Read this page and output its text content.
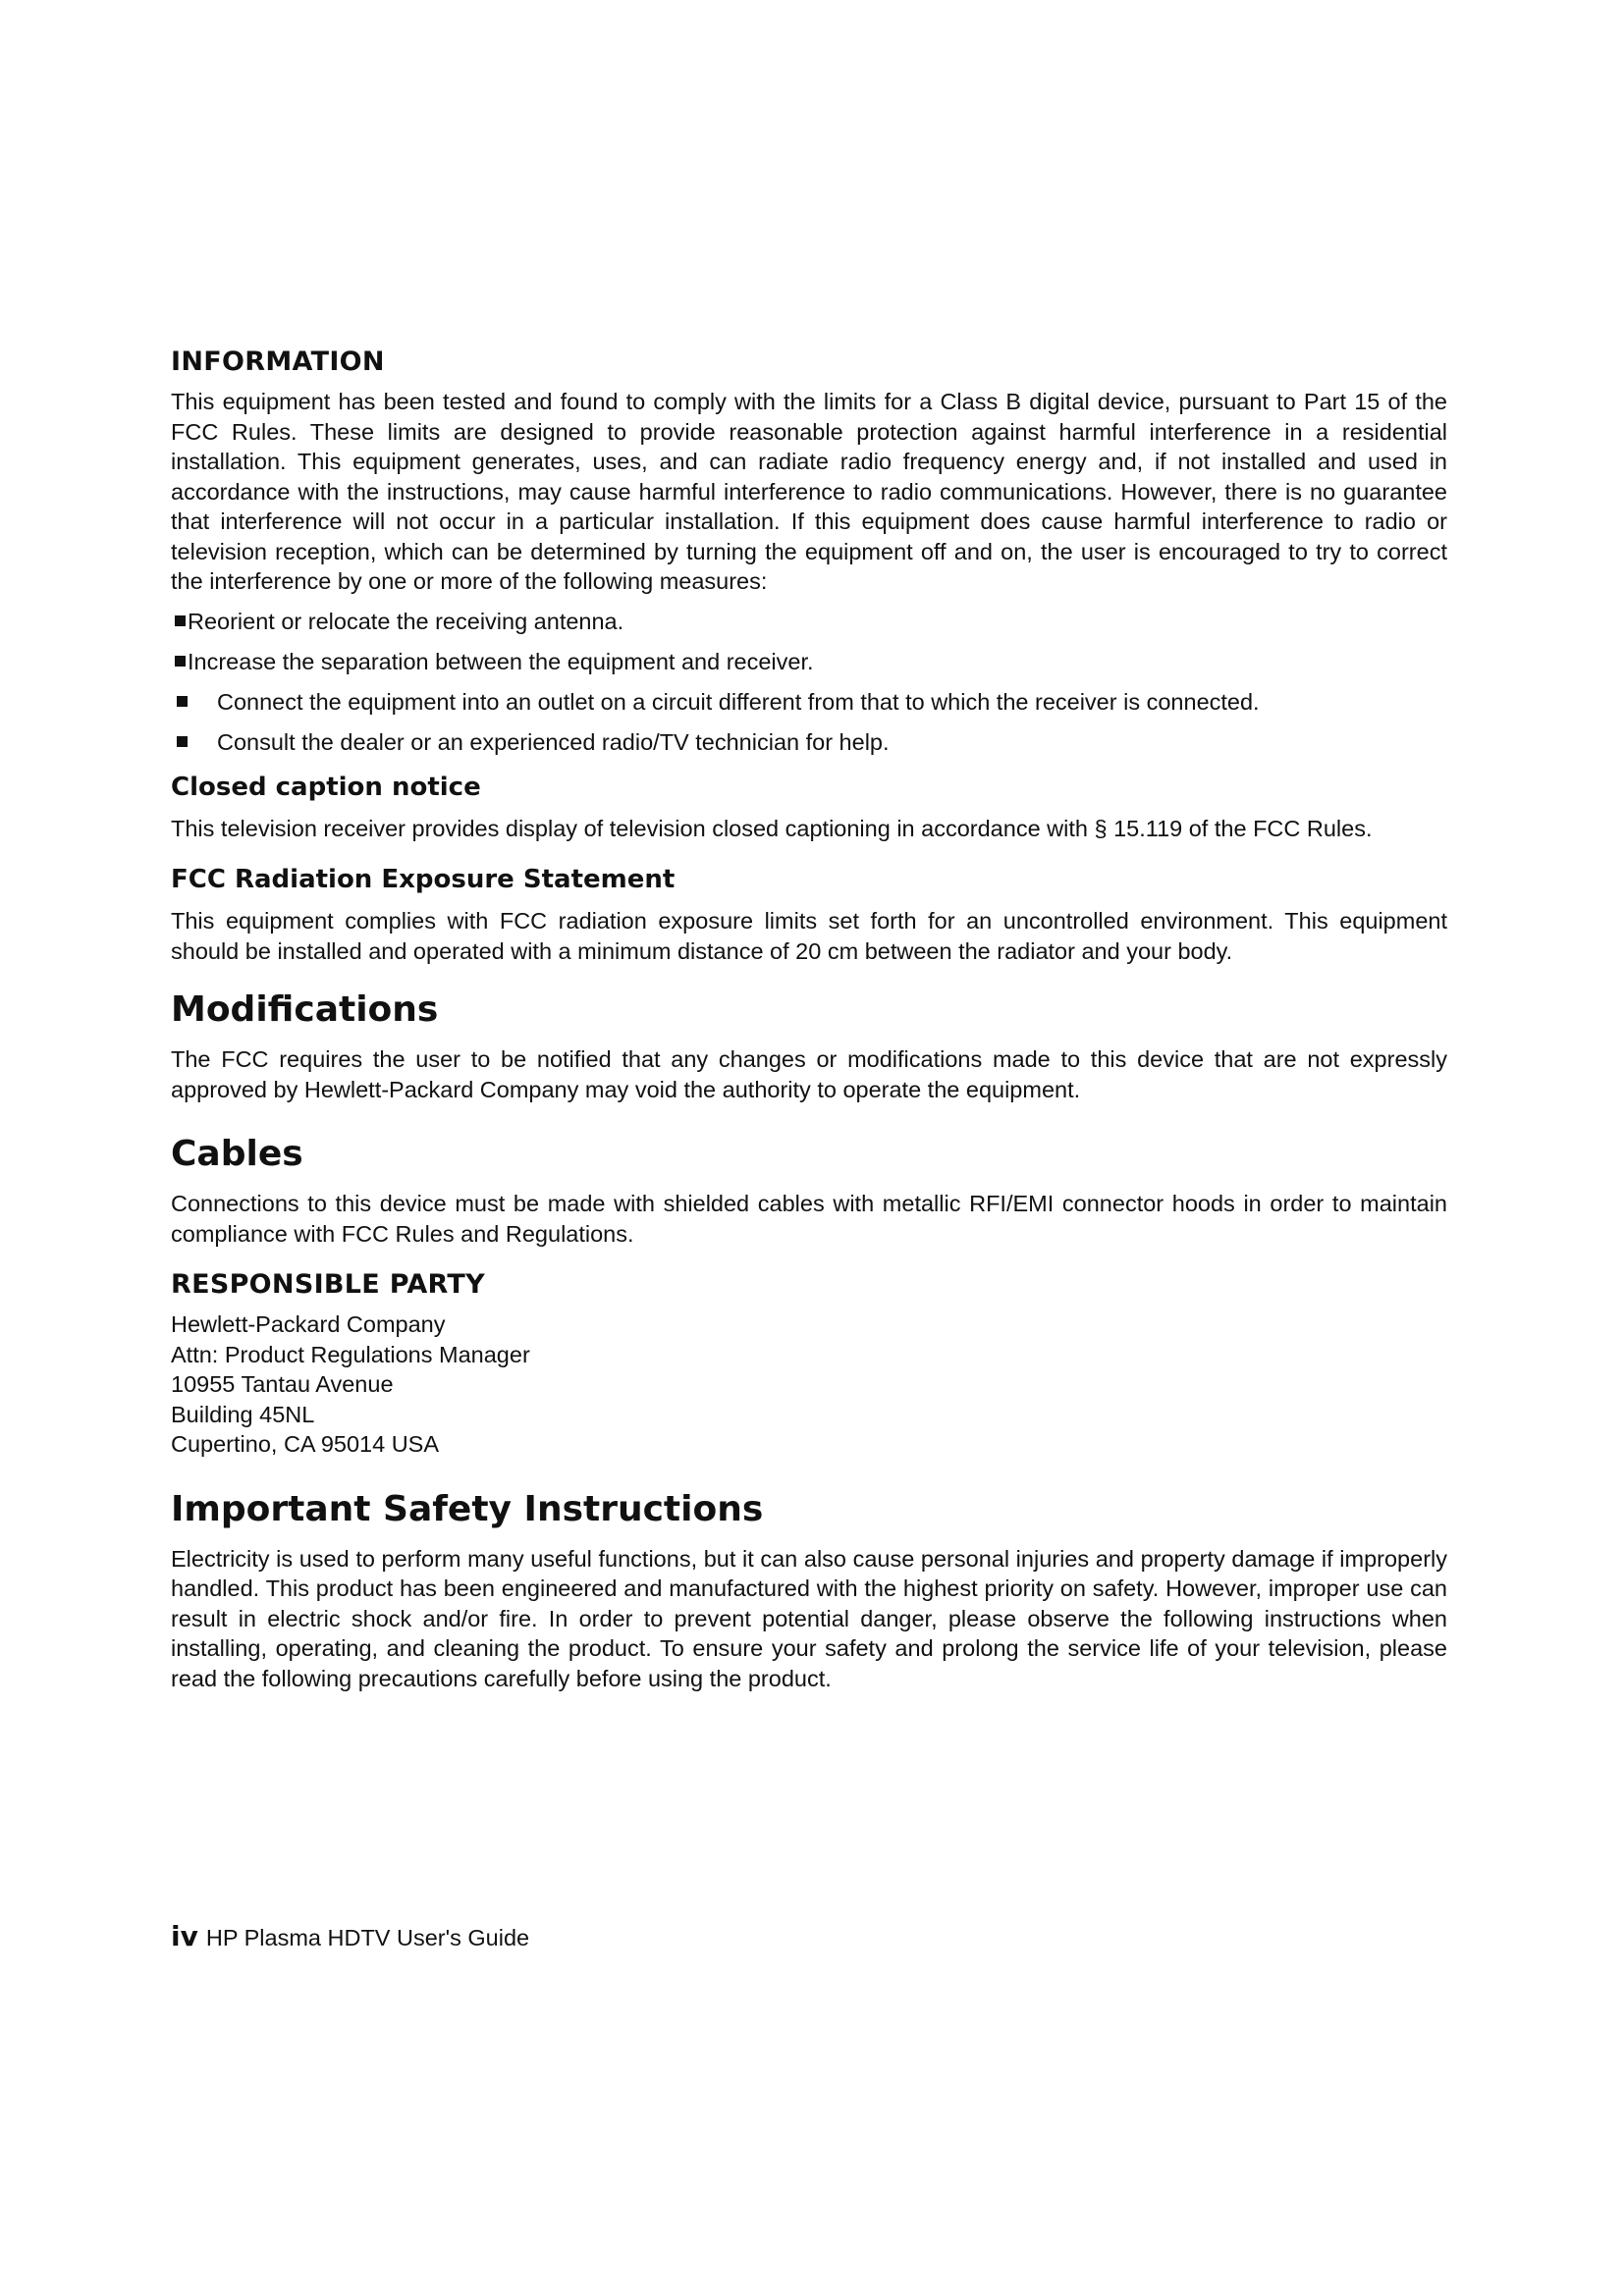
INFORMATION

This equipment has been tested and found to comply with the limits for a Class B digital device, pursuant to Part 15 of the FCC Rules. These limits are designed to provide reasonable protection against harmful interference in a residential installation. This equipment generates, uses, and can radiate radio frequency energy and, if not installed and used in accordance with the instructions, may cause harmful interference to radio communications. However, there is no guarantee that interference will not occur in a particular installation. If this equipment does cause harmful interference to radio or television reception, which can be determined by turning the equipment off and on, the user is encouraged to try to correct the interference by one or more of the following measures:

Reorient or relocate the receiving antenna.
Increase the separation between the equipment and receiver.
Connect the equipment into an outlet on a circuit different from that to which the receiver is connected.
Consult the dealer or an experienced radio/TV technician for help.
Closed caption notice

This television receiver provides display of television closed captioning in accordance with § 15.119 of the FCC Rules.

FCC Radiation Exposure Statement

This equipment complies with FCC radiation exposure limits set forth for an uncontrolled environment. This equipment should be installed and operated with a minimum distance of 20 cm between the radiator and your body.

Modifications

The FCC requires the user to be notified that any changes or modifications made to this device that are not expressly approved by Hewlett-Packard Company may void the authority to operate the equipment.

Cables

Connections to this device must be made with shielded cables with metallic RFI/EMI connector hoods in order to maintain compliance with FCC Rules and Regulations.

RESPONSIBLE PARTY
Hewlett-Packard Company
Attn: Product Regulations Manager
10955 Tantau Avenue
Building 45NL
Cupertino, CA 95014 USA
Important Safety Instructions

Electricity is used to perform many useful functions, but it can also cause personal injuries and property damage if improperly handled. This product has been engineered and manufactured with the highest priority on safety. However, improper use can result in electric shock and/or fire. In order to prevent potential danger, please observe the following instructions when installing, operating, and cleaning the product. To ensure your safety and prolong the service life of your television, please read the following precautions carefully before using the product.

iv HP Plasma HDTV User's Guide
